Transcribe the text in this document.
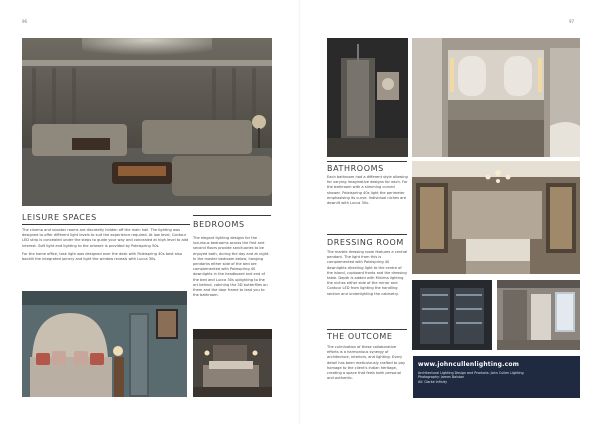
96	97
LEISURE SPACES

The cinema and snooker rooms are discreetly hidden off the main hall. The lighting was designed to offer different light levels to suit the experience required. At low level, Contour LED strip is concealed under the steps to guide your way and concealed at high level to add interest. Soft light and lighting to the artwork is provided by Poleispring 50s.

For the home office, task light was designed over the desk with Poleispring 40s best also backlit the integrated joinery and light the window reveals with Lucca 30s.

BEDROOMS

The elegant lighting designs for the luxurious bedrooms across the first and second floors provide sanctuaries to be enjoyed both, during the day and at night. In the master bedroom below, hanging pendants either side of the bed are complemented with Poleispring 40 downlights in the headboard and end of the bed and Lucca 30s uplighting to the art behind, catching the 3D butterflies on them and the door frame to lead you to the bathroom.

BATHROOMS

Each bathroom had a different style allowing for varying imaginative designs for each. For the bathroom with a slimming curved shower, Poleispring 40s light the perimeter emphasising its curve. Individual niches are downlit with Lucca 30s.

DRESSING ROOM

The marble dressing room features a central pendant. The light from this is complemented with Poleispring 40 downlights directing light to the centre of the island, cupboard fronts and the dressing table. Depth is added with Minima lighting the niches either side of the mirror and Contour LED from lighting the handling section and underlighting the cabinetry.

THE OUTCOME

The culmination of these collaborative efforts is a harmonious synergy of architecture, interiors, and lighting. Every detail has been meticulously crafted to pay homage to the client's Indian heritage, creating a space that feels both personal and authentic.

www.johncullenlighting.com
Architectural Lighting Design and Products: John Cullen Lighting
Photography: James Balston
AV: Clarke Infinity
